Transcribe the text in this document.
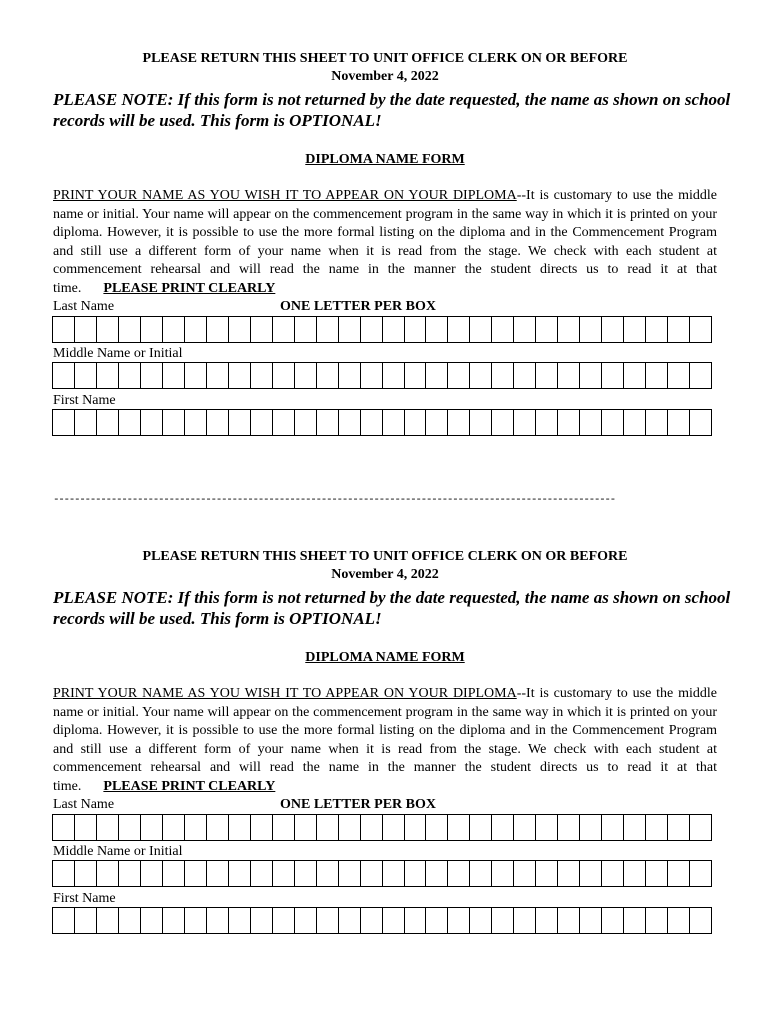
PLEASE RETURN THIS SHEET TO UNIT OFFICE CLERK ON OR BEFORE
November 4, 2022
PLEASE NOTE: If this form is not returned by the date requested, the name as shown on school records will be used. This form is OPTIONAL!
DIPLOMA NAME FORM
PRINT YOUR NAME AS YOU WISH IT TO APPEAR ON YOUR DIPLOMA--It is customary to use the middle name or initial. Your name will appear on the commencement program in the same way in which it is printed on your diploma. However, it is possible to use the more formal listing on the diploma and in the Commencement Program and still use a different form of your name when it is read from the stage. We check with each student at commencement rehearsal and will read the name in the manner the student directs us to read it at that time. PLEASE PRINT CLEARLY
Last Name	ONE LETTER PER BOX
Middle Name or Initial
First Name
-----------------------------------------------------------------------------------------------------------
PLEASE RETURN THIS SHEET TO UNIT OFFICE CLERK ON OR BEFORE
November 4, 2022
PLEASE NOTE: If this form is not returned by the date requested, the name as shown on school records will be used. This form is OPTIONAL!
DIPLOMA NAME FORM
PRINT YOUR NAME AS YOU WISH IT TO APPEAR ON YOUR DIPLOMA--It is customary to use the middle name or initial. Your name will appear on the commencement program in the same way in which it is printed on your diploma. However, it is possible to use the more formal listing on the diploma and in the Commencement Program and still use a different form of your name when it is read from the stage. We check with each student at commencement rehearsal and will read the name in the manner the student directs us to read it at that time. PLEASE PRINT CLEARLY
Last Name	ONE LETTER PER BOX
Middle Name or Initial
First Name
